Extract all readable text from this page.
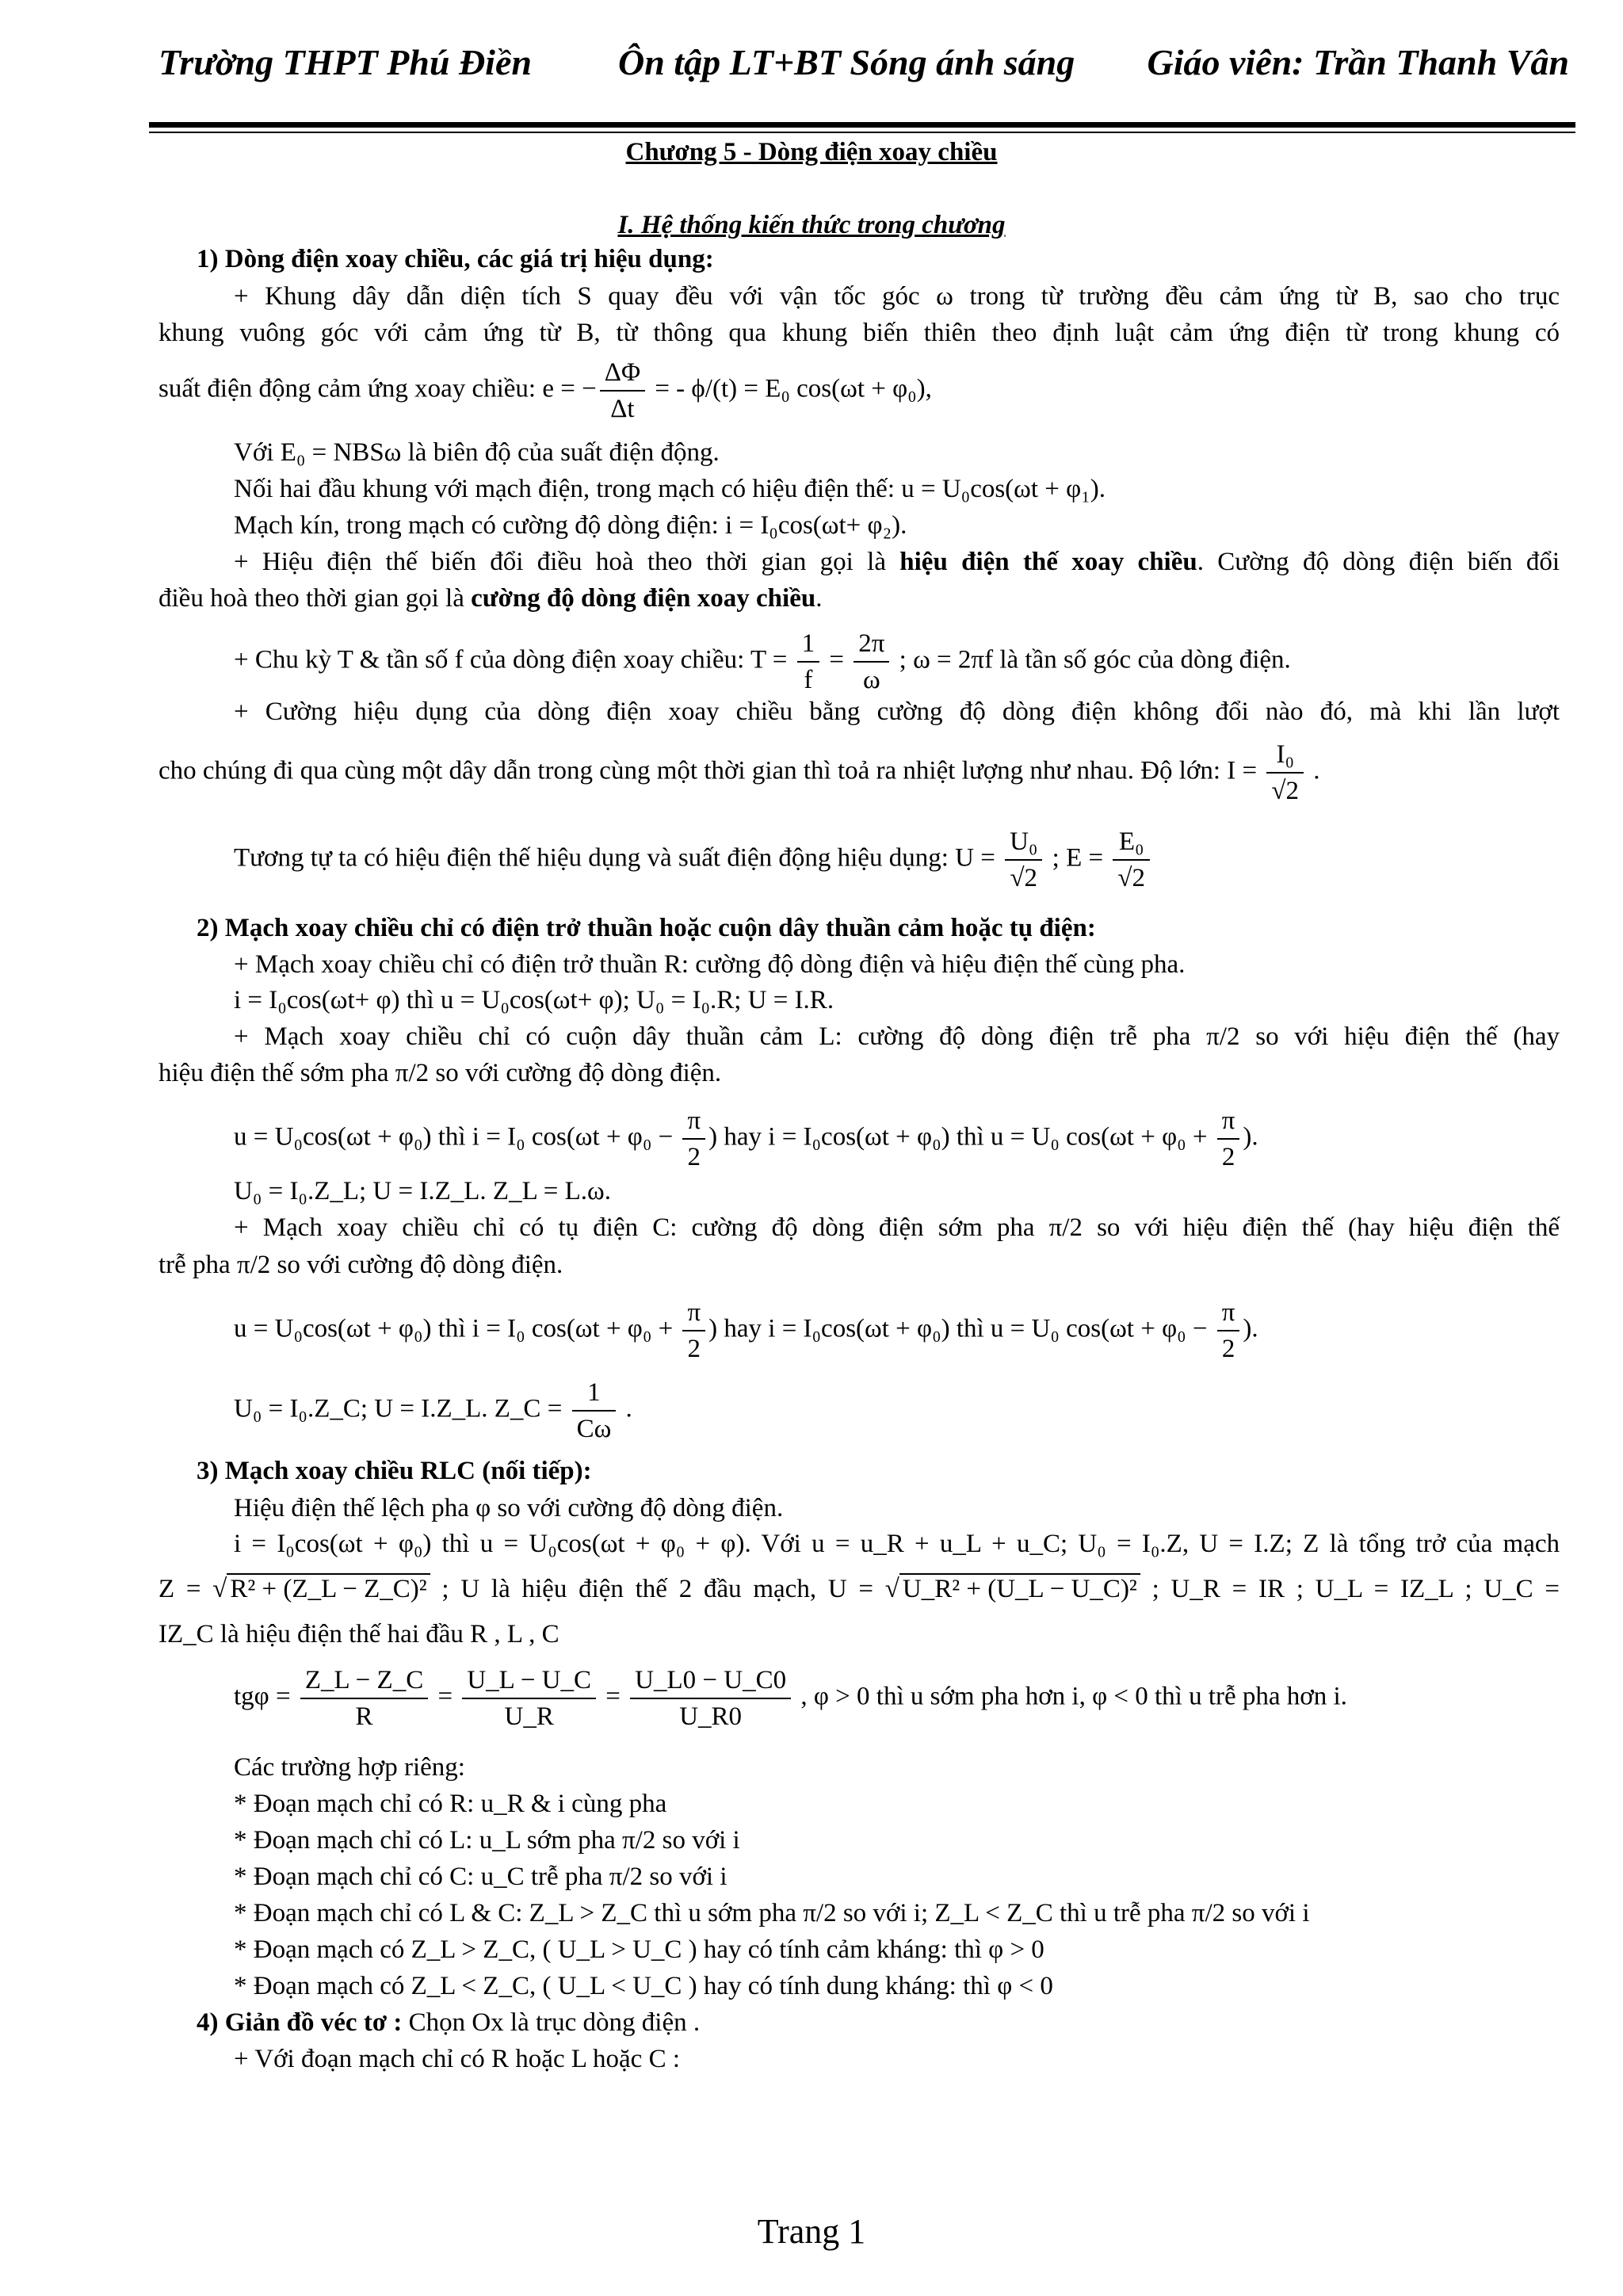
Trường THPT Phú Điền Ôn tập LT+BT Sóng ánh sáng Giáo viên: Trần Thanh Vân
Chương 5 - Dòng điện xoay chiều
I. Hệ thống kiến thức trong chương
1) Dòng điện xoay chiều, các giá trị hiệu dụng:
+ Khung dây dẫn diện tích S quay đều với vận tốc góc ω trong từ trường đều cảm ứng từ B, sao cho trục
khung vuông góc với cảm ứng từ B, từ thông qua khung biến thiên theo định luật cảm ứng điện từ trong khung có
suất điện động cảm ứng xoay chiều: e = − $\frac{\Delta\Phi}{\Delta t}$ = - ϕ/(t) = E₀ cos(ωt + φ₀),
Với E₀ = NBSω là biên độ của suất điện động.
Nối hai đầu khung với mạch điện, trong mạch có hiệu điện thế: u = U₀cos(ωt + φ₁).
Mạch kín, trong mạch có cường độ dòng điện: i = I₀cos(ωt+ φ₂).
+ Hiệu điện thế biến đổi điều hoà theo thời gian gọi là hiệu điện thế xoay chiều. Cường độ dòng điện biến đổi
điều hoà theo thời gian gọi là cường độ dòng điện xoay chiều.
+ Chu kỳ T & tần số f của dòng điện xoay chiều: $T = \frac{1}{f} = \frac{2\pi}{\omega}$ ; ω = 2πf là tần số góc của dòng điện.
+ Cường hiệu dụng của dòng điện xoay chiều bằng cường độ dòng điện không đổi nào đó, mà khi lần lượt
cho chúng đi qua cùng một dây dẫn trong cùng một thời gian thì toả ra nhiệt lượng như nhau. Độ lớn: $I = \frac{\text{I₀}}{√2}$ .
Tương tự ta có hiệu điện thế hiệu dụng và suất điện động hiệu dụng: $U = \frac{\text{U₀}}{√2}$ ; $E = \frac{\text{E₀}}{√2}$
2) Mạch xoay chiều chỉ có điện trở thuần hoặc cuộn dây thuần cảm hoặc tụ điện:
+ Mạch xoay chiều chỉ có điện trở thuần R: cường độ dòng điện và hiệu điện thế cùng pha.
i = I₀cos(ωt+ φ) thì u = U₀cos(ωt+ φ); U₀ = I₀.R; U = I.R.
+ Mạch xoay chiều chỉ có cuộn dây thuần cảm L: cường độ dòng điện trễ pha π/2 so với hiệu điện thế (hay
hiệu điện thế sớm pha π/2 so với cường độ dòng điện.
u = U₀cos(ωt + φ₀) thì i = I₀ $\cos(\omega t + \varphi_0 - \frac{\pi}{2}$ ) hay i = I₀cos(ωt + φ₀) thì u = U₀ $\cos(\omega t + \varphi_0 + \frac{\pi}{2}$ ).
U₀ = I₀.Z_L; U = I.Z_L. Z_L = L.ω.
+ Mạch xoay chiều chỉ có tụ điện C: cường độ dòng điện sớm pha π/2 so với hiệu điện thế (hay hiệu điện thế
trễ pha π/2 so với cường độ dòng điện.
u = U₀cos(ωt + φ₀) thì i = I₀ $\cos(\omega t + \varphi_0 + \frac{\pi}{2}$ ) hay i = I₀cos(ωt + φ₀) thì u = U₀ $\cos(\omega t + \varphi_0 - \frac{\pi}{2}$ ).
U₀ = I₀.Z_C; U = I.Z_L. Z_C = $\frac{1}{C\omega}$ .
3) Mạch xoay chiều RLC (nối tiếp):
Hiệu điện thế lệch pha φ so với cường độ dòng điện.
i = I₀cos(ωt + φ₀) thì u = U₀cos(ωt + φ₀ + φ). Với u = u_R + u_L + u_C; U₀ = I₀.Z, U = I.Z; Z là tổng trở của mạch
Z = √ R² + (Z_L − Z_C)² ; U là hiệu điện thế 2 đầu mạch, U = √ U_R² + (U_L − U_C)² ; U_R = IR ; U_L = IZ_L ; U_C =
IZ_C là hiệu điện thế hai đầu R , L , C
$tg\varphi = \frac{Z\_L - Z\_C}{R} = \frac{U\_L - U\_C}{U\_R} = \frac{U\_L0 - U\_C0}{U\_R0}$ , φ > 0 thì u sớm pha hơn i, φ < 0 thì u trễ pha hơn i.
Các trường hợp riêng:
* Đoạn mạch chỉ có R: u_R & i cùng pha
* Đoạn mạch chỉ có L: u_L sớm pha π/2 so với i
* Đoạn mạch chỉ có C: u_C trễ pha π/2 so với i
* Đoạn mạch chỉ có L & C: Z_L > Z_C thì u sớm pha π/2 so với i; Z_L < Z_C thì u trễ pha π/2 so với i
* Đoạn mạch có Z_L > Z_C, ( U_L > U_C ) hay có tính cảm kháng: thì φ > 0
* Đoạn mạch có Z_L < Z_C, ( U_L < U_C ) hay có tính dung kháng: thì φ < 0
4) Giản đồ véc tơ : Chọn Ox là trục dòng điện .
+ Với đoạn mạch chỉ có R hoặc L hoặc C :
Trang 1
